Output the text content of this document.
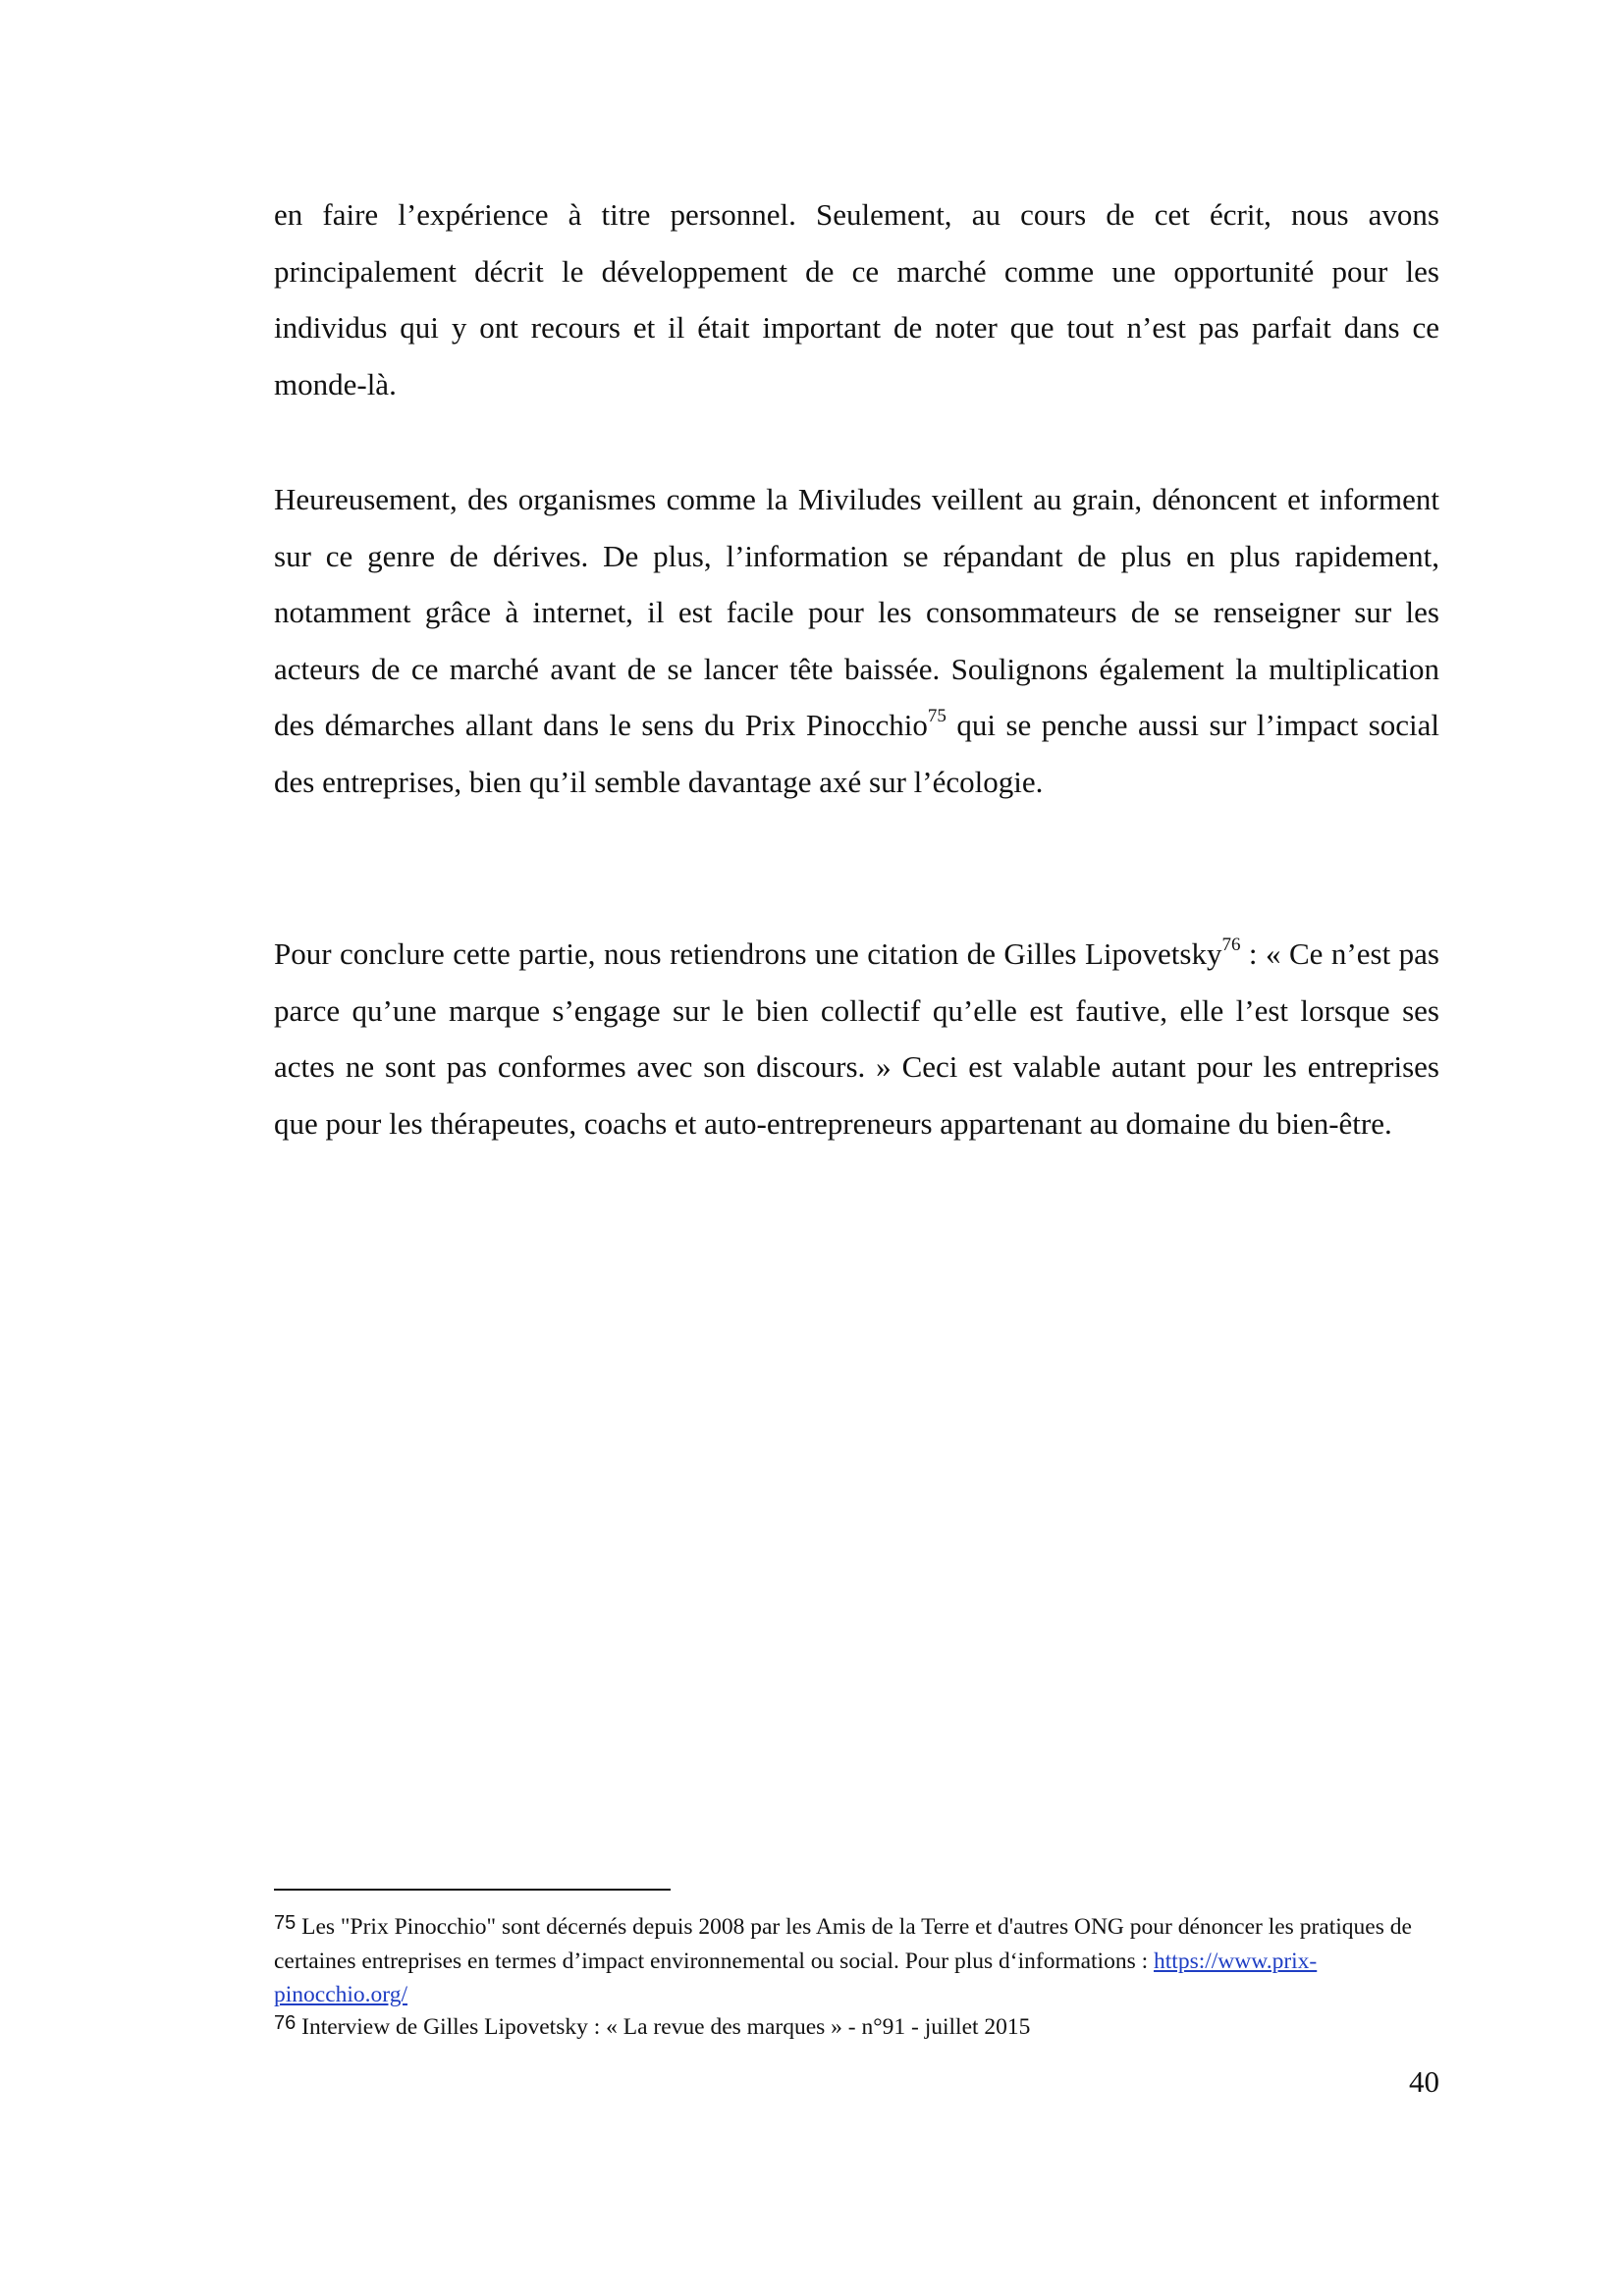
en faire l’expérience à titre personnel. Seulement, au cours de cet écrit, nous avons principalement décrit le développement de ce marché comme une opportunité pour les individus qui y ont recours et il était important de noter que tout n’est pas parfait dans ce monde-là.

Heureusement, des organismes comme la Miviludes veillent au grain, dénoncent et informent sur ce genre de dérives. De plus, l’information se répandant de plus en plus rapidement, notamment grâce à internet, il est facile pour les consommateurs de se renseigner sur les acteurs de ce marché avant de se lancer tête baissée. Soulignons également la multiplication des démarches allant dans le sens du Prix Pinocchio$^{75}$ qui se penche aussi sur l’impact social des entreprises, bien qu’il semble davantage axé sur l’écologie.

Pour conclure cette partie, nous retiendrons une citation de Gilles Lipovetsky$^{76}$ : « Ce n’est pas parce qu’une marque s’engage sur le bien collectif qu’elle est fautive, elle l’est lorsque ses actes ne sont pas conformes avec son discours. » Ceci est valable autant pour les entreprises que pour les thérapeutes, coachs et auto-entrepreneurs appartenant au domaine du bien-être.

75 Les "Prix Pinocchio" sont décernés depuis 2008 par les Amis de la Terre et d'autres ONG pour dénoncer les pratiques de certaines entreprises en termes d’impact environnemental ou social. Pour plus d‘informations : https://www.prix-pinocchio.org/

76 Interview de Gilles Lipovetsky : « La revue des marques » - n°91 - juillet 2015

40
